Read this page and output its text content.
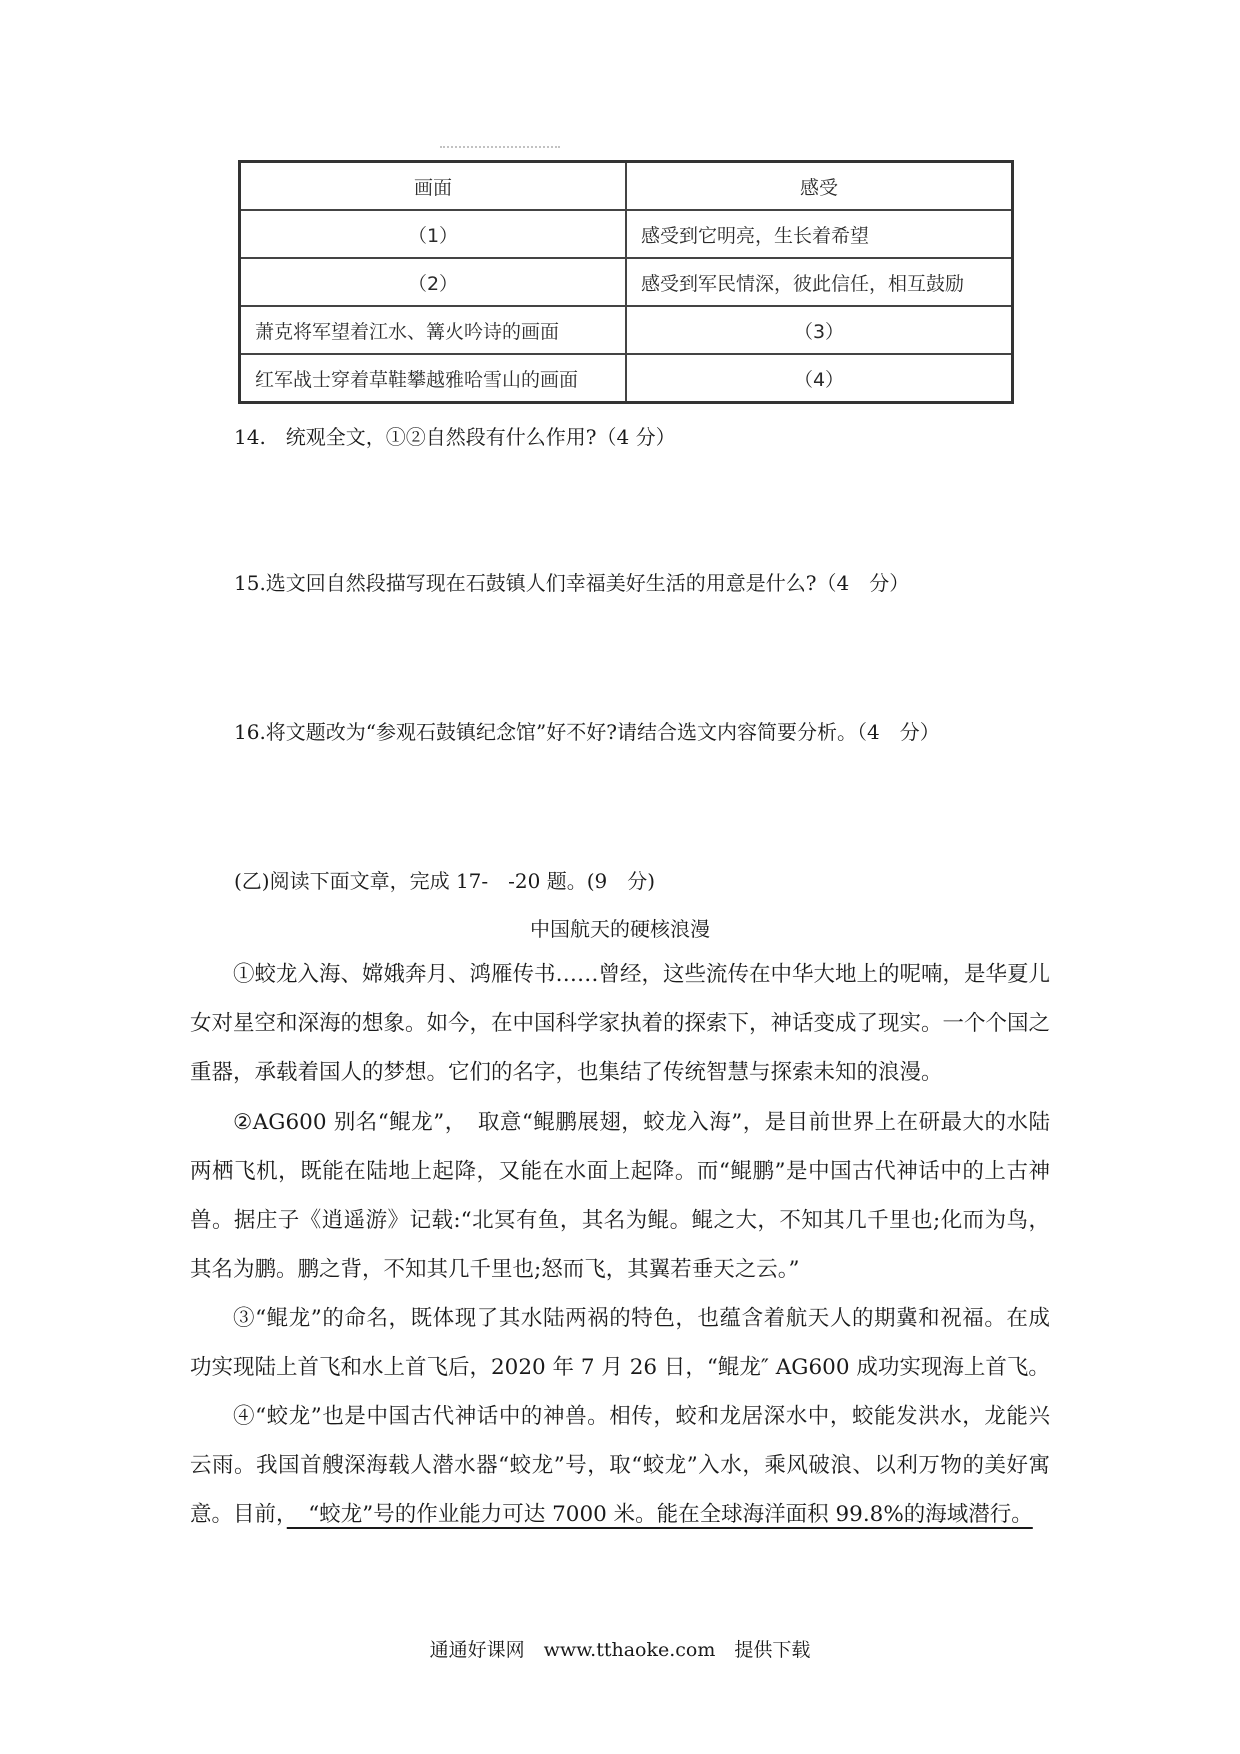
画面	感受
（1）	感受到它明亮，生长着希望
（2）	感受到军民情深，彼此信任，相互鼓励
萧克将军望着江水、篝火吟诗的画面	（3）
红军战士穿着草鞋攀越雅哈雪山的画面	（4）
14.　统观全文，①②自然段有什么作用?（4 分）
15.选文回自然段描写现在石鼓镇人们幸福美好生活的用意是什么?（4　分）
16.将文题改为“参观石鼓镇纪念馆”好不好?请结合选文内容简要分析。（4　分）
(乙)阅读下面文章，完成 17-　-20 题。(9　分)
中国航天的硬核浪漫

①蛟龙入海、嫦娥奔月、鸿雁传书……曾经，这些流传在中华大地上的呢喃，是华夏儿女对星空和深海的想象。如今，在中国科学家执着的探索下，神话变成了现实。一个个国之重器，承载着国人的梦想。它们的名字，也集结了传统智慧与探索未知的浪漫。

②AG600 别名“鲲龙”，　取意“鲲鹏展翅，蛟龙入海”，是目前世界上在研最大的水陆两栖飞机，既能在陆地上起降，又能在水面上起降。而“鲲鹏”是中国古代神话中的上古神兽。据庄子《逍遥游》记载:“北冥有鱼，其名为鲲。鲲之大，不知其几千里也;化而为鸟，其名为鹏。鹏之背，不知其几千里也;怒而飞，其翼若垂天之云。”

③“鲲龙”的命名，既体现了其水陆两祸的特色，也蕴含着航天人的期冀和祝福。在成功实现陆上首飞和水上首飞后，2020 年 7 月 26 日，“鲲龙″ AG600 成功实现海上首飞。

④“蛟龙”也是中国古代神话中的神兽。相传，蛟和龙居深水中，蛟能发洪水，龙能兴云雨。我国首艘深海载人潜水器“蛟龙”号，取“蛟龙”入水，乘风破浪、以利万物的美好寓意。目前，　“蛟龙”号的作业能力可达 7000 米。能在全球海洋面积 99.8%的海域潜行。

通通好课网　www.tthaoke.com　提供下载
